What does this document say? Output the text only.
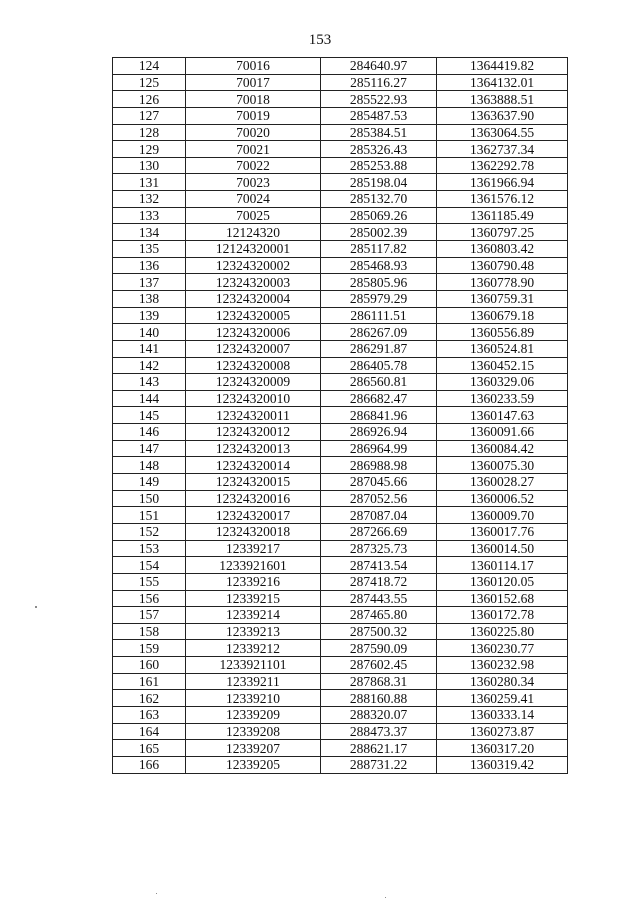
153
124	70016	284640.97	1364419.82
125	70017	285116.27	1364132.01
126	70018	285522.93	1363888.51
127	70019	285487.53	1363637.90
128	70020	285384.51	1363064.55
129	70021	285326.43	1362737.34
130	70022	285253.88	1362292.78
131	70023	285198.04	1361966.94
132	70024	285132.70	1361576.12
133	70025	285069.26	1361185.49
134	12124320	285002.39	1360797.25
135	12124320001	285117.82	1360803.42
136	12324320002	285468.93	1360790.48
137	12324320003	285805.96	1360778.90
138	12324320004	285979.29	1360759.31
139	12324320005	286111.51	1360679.18
140	12324320006	286267.09	1360556.89
141	12324320007	286291.87	1360524.81
142	12324320008	286405.78	1360452.15
143	12324320009	286560.81	1360329.06
144	12324320010	286682.47	1360233.59
145	12324320011	286841.96	1360147.63
146	12324320012	286926.94	1360091.66
147	12324320013	286964.99	1360084.42
148	12324320014	286988.98	1360075.30
149	12324320015	287045.66	1360028.27
150	12324320016	287052.56	1360006.52
151	12324320017	287087.04	1360009.70
152	12324320018	287266.69	1360017.76
153	12339217	287325.73	1360014.50
154	1233921601	287413.54	1360114.17
155	12339216	287418.72	1360120.05
156	12339215	287443.55	1360152.68
157	12339214	287465.80	1360172.78
158	12339213	287500.32	1360225.80
159	12339212	287590.09	1360230.77
160	1233921101	287602.45	1360232.98
161	12339211	287868.31	1360280.34
162	12339210	288160.88	1360259.41
163	12339209	288320.07	1360333.14
164	12339208	288473.37	1360273.87
165	12339207	288621.17	1360317.20
166	12339205	288731.22	1360319.42
